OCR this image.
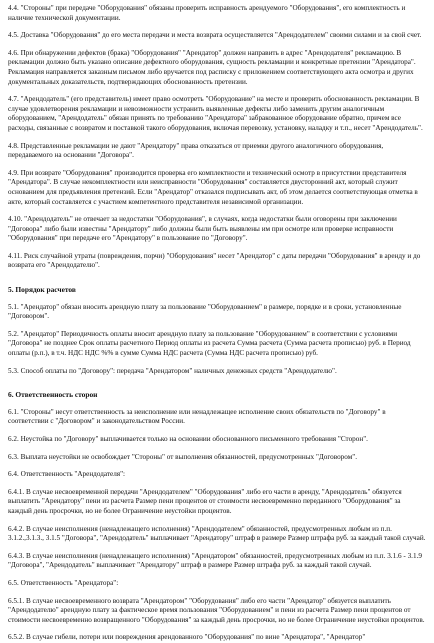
4.4. "Стороны" при передаче "Оборудования" обязаны проверить исправность арендуемого "Оборудования", его комплектность и наличие технической документации.
4.5. Доставка "Оборудования" до его места передачи и места возврата осуществляется "Арендодателем" своими силами и за свой счет.
4.6. При обнаружении дефектов (брака) "Оборудования" "Арендатор" должен направить в адрес "Арендодателя" рекламацию. В рекламации должно быть указано описание дефектного оборудования, сущность рекламации и конкретные претензии "Арендатора". Рекламация направляется заказным письмом либо вручается под расписку с приложением соответствующего акта осмотра и других документальных доказательств, подтверждающих обоснованность претензии.
4.7. "Арендодатель" (его представитель) имеет право осмотреть "Оборудование" на месте и проверить обоснованность рекламации. В случае удовлетворения рекламации и невозможности устранить выявленные дефекты либо заменить другим аналогичным оборудованием, "Арендодатель" обязан принять по требованию "Арендатора" забракованное оборудование обратно, причем все расходы, связанные с возвратом и поставкой такого оборудования, включая перевозку, установку, наладку и т.п., несет "Арендодатель".
4.8. Представленные рекламации не дают "Арендатору" права отказаться от приемки другого аналогичного оборудования, передаваемого на основании "Договора".
4.9. При возврате "Оборудования" производится проверка его комплектности и технический осмотр в присутствии представителя "Арендатора". В случае некомплектности или неисправности "Оборудования" составляется двусторонний акт, который служит основанием для предъявления претензий. Если "Арендатор" отказался подписывать акт, об этом делается соответствующая отметка в акте, который составляется с участием компетентного представителя независимой организации.
4.10. "Арендодатель" не отвечает за недостатки "Оборудования", в случаях, когда недостатки были оговорены при заключении "Договора" либо были известны "Арендатору" либо должны были быть выявлены им при осмотре или проверке исправности "Оборудования" при передаче его "Арендатору" в пользование по "Договору".
4.11. Риск случайной утраты (повреждения, порчи) "Оборудования" несет "Арендатор" с даты передачи "Оборудования" в аренду и до возврата его "Арендодателю".
5. Порядок расчетов
5.1. "Арендатор" обязан вносить арендную плату за пользование "Оборудованием" в размере, порядке и в сроки, установленные "Договором".
5.2. "Арендатор" Периодичность оплаты вносит арендную плату за пользование "Оборудованием" в соответствии с условиями "Договора" не позднее Срок оплаты расчетного Период оплаты из расчета Сумма расчета (Сумма расчета прописью) руб. в Период оплаты (р.п.), в т.ч. НДС НДС %% в сумме Сумма НДС расчета (Сумма НДС расчета прописью) руб.
5.3. Способ оплаты по "Договору": передача "Арендатором" наличных денежных средств "Арендодателю".
6. Ответственность сторон
6.1. "Стороны" несут ответственность за неисполнение или ненадлежащее исполнение своих обязательств по "Договору" в соответствии с "Договором" и законодательством России.
6.2. Неустойка по "Договору" выплачивается только на основании обоснованного письменного требования "Сторон".
6.3. Выплата неустойки не освобождает "Стороны" от выполнения обязанностей, предусмотренных "Договором".
6.4. Ответственность "Арендодателя":
6.4.1. В случае несвоевременной передачи "Арендодателем" "Оборудования" либо его части в аренду, "Арендодатель" обязуется выплатить "Арендатору" пени из расчета Размер пени процентов от стоимости несвоевременно переданного "Оборудования" за каждый день просрочки, но не более Ограничение неустойки процентов.
6.4.2. В случае неисполнения (ненадлежащего исполнения) "Арендодателем" обязанностей, предусмотренных любым из п.п. 3.1.2.,3.1.3., 3.1.5 "Договора", "Арендодатель" выплачивает "Арендатору" штраф в размере Размер штрафа руб. за каждый такой случай.
6.4.3. В случае неисполнения (ненадлежащего исполнения) "Арендатором" обязанностей, предусмотренных любым из п.п. 3.1.6 - 3.1.9 "Договора", "Арендодатель" выплачивает "Арендатору" штраф в размере Размер штрафа руб. за каждый такой случай.
6.5. Ответственность "Арендатора":
6.5.1. В случае несвоевременного возврата "Арендатором" "Оборудования" либо его части "Арендатор" обязуется выплатить "Арендодателю" арендную плату за фактическое время пользования "Оборудованием" и пени из расчета Размер пени процентов от стоимости несвоевременно возвращенного "Оборудования" за каждый день просрочки, но не более Ограничение неустойки процентов.
6.5.2. В случае гибели, потери или повреждения арендованного "Оборудования" по вине "Арендатора", "Арендатор"
